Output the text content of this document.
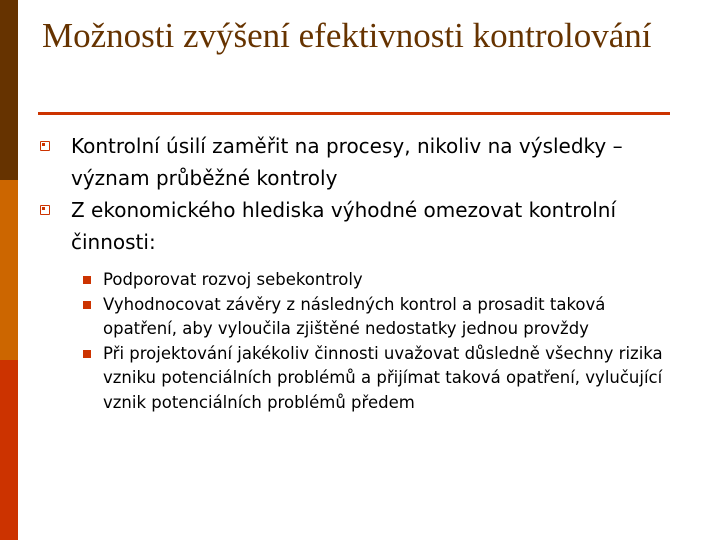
Možnosti zvýšení efektivnosti kontrolování
Kontrolní úsilí zaměřit na procesy, nikoliv na výsledky – význam průběžné kontroly
Z ekonomického hlediska výhodné omezovat kontrolní činnosti:
Podporovat rozvoj sebekontroly
Vyhodnocovat závěry z následných kontrol a prosadit taková opatření, aby vyloučila zjištěné nedostatky jednou provždy
Při projektování jakékoliv činnosti uvažovat důsledně všechny rizika vzniku potenciálních problémů a přijímat taková opatření, vylučující vznik potenciálních problémů předem
